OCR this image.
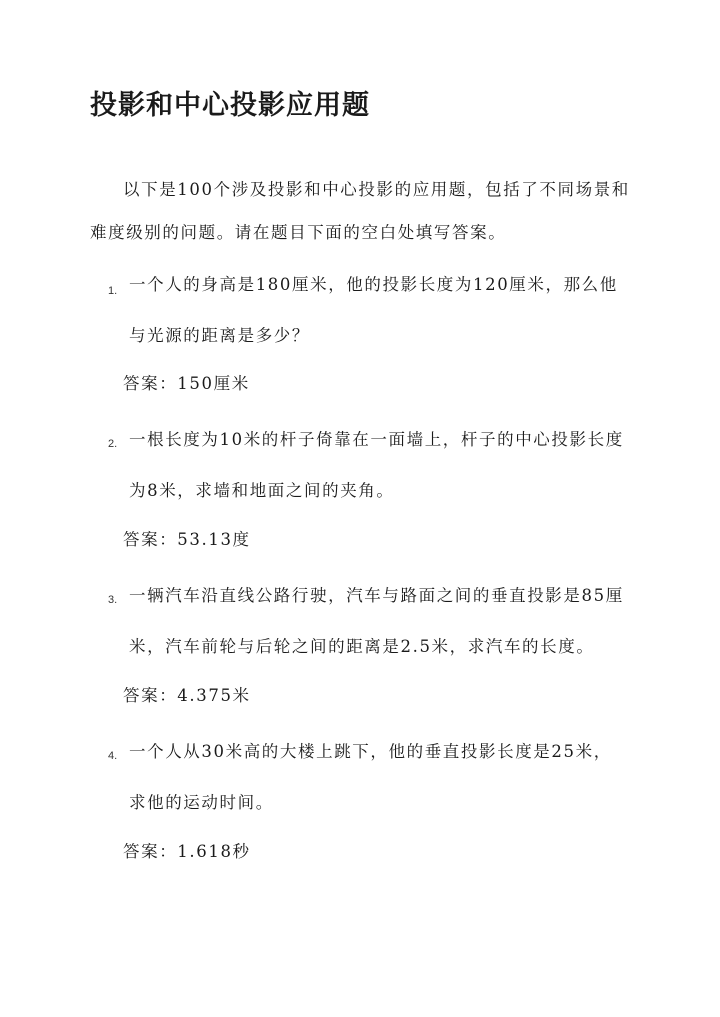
投影和中心投影应用题

以下是100个涉及投影和中心投影的应用题，包括了不同场景和难度级别的问题。请在题目下面的空白处填写答案。

1. 一个人的身高是180厘米，他的投影长度为120厘米，那么他与光源的距离是多少？

答案：150厘米

2. 一根长度为10米的杆子倚靠在一面墙上，杆子的中心投影长度为8米，求墙和地面之间的夹角。

答案：53.13度

3. 一辆汽车沿直线公路行驶，汽车与路面之间的垂直投影是85厘米，汽车前轮与后轮之间的距离是2.5米，求汽车的长度。

答案：4.375米

4. 一个人从30米高的大楼上跳下，他的垂直投影长度是25米，求他的运动时间。

答案：1.618秒
